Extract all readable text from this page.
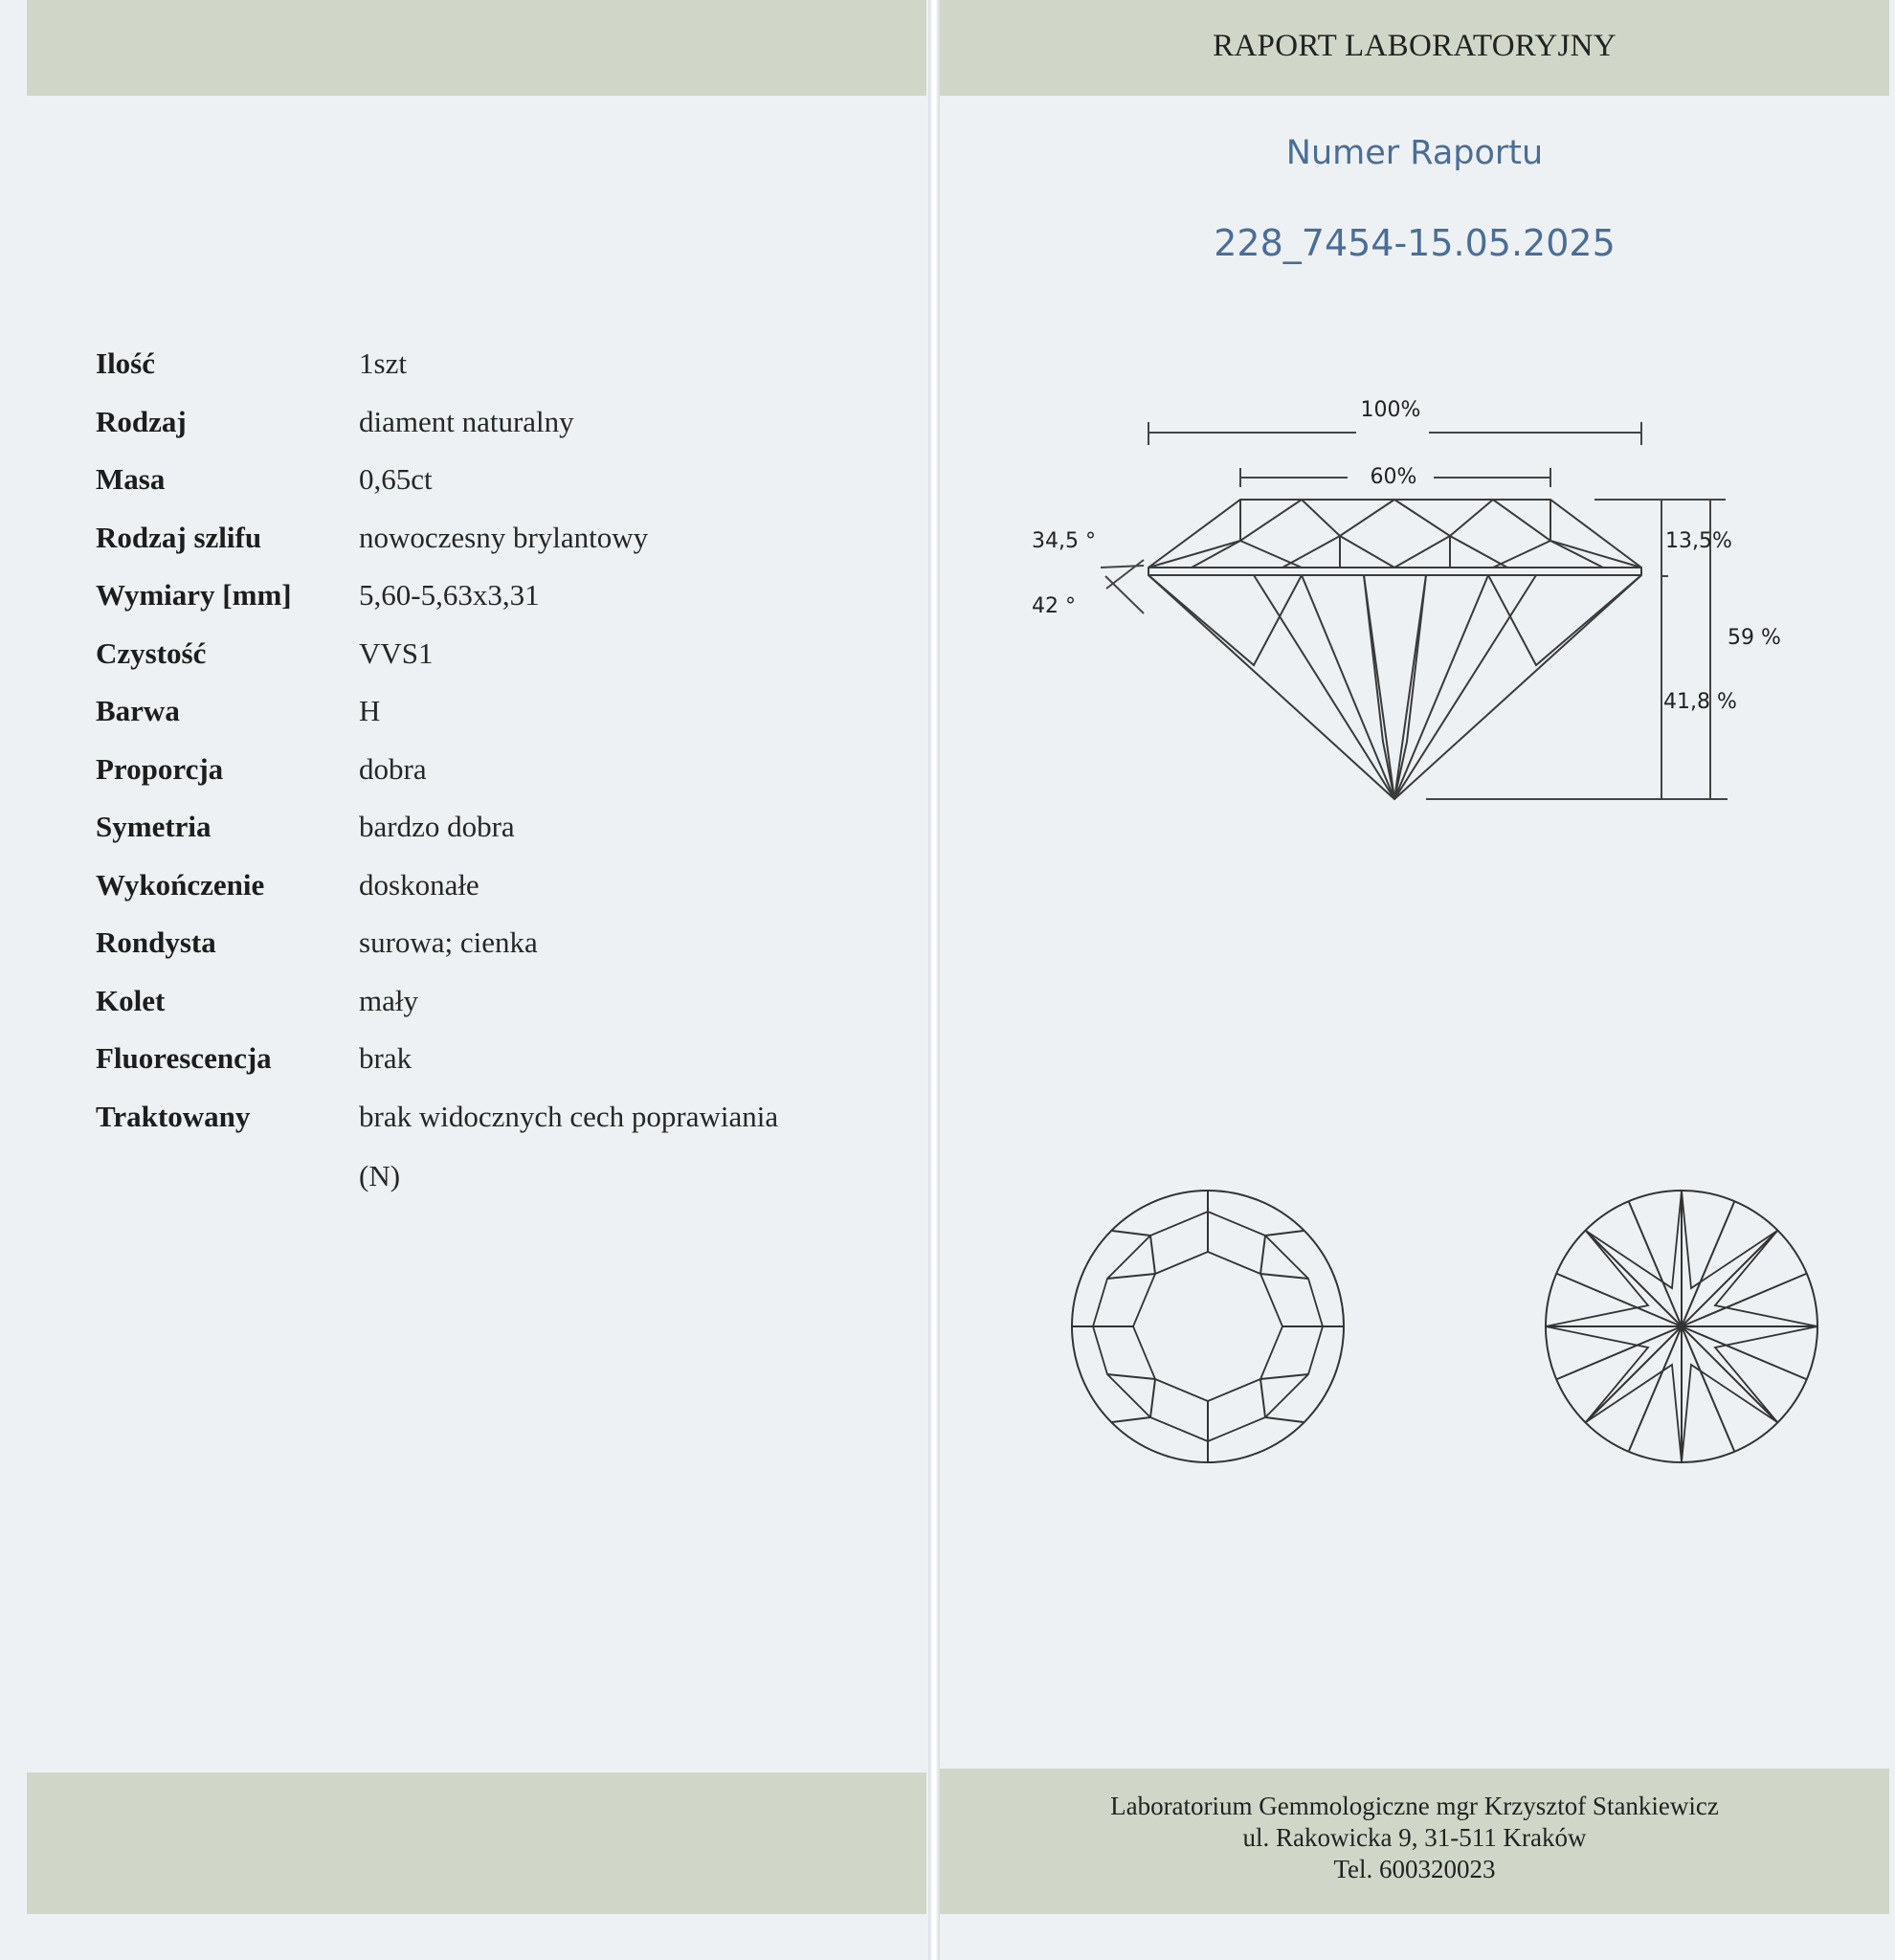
RAPORT LABORATORYJNY
Numer Raportu
228_7454-15.05.2025
Ilość	1szt
Rodzaj	diament naturalny
Masa	0,65ct
Rodzaj szlifu	nowoczesny brylantowy
Wymiary [mm] 5,60-5,63x3,31
Czystość	VVS1
Barwa	H
Proporcja	dobra
Symetria	bardzo dobra
Wykończenie	doskonałe
Rondysta	surowa; cienka
Kolet	mały
Fluorescencja	brak
Traktowany	brak widocznych cech poprawiania
(N)
100%
60%
34,5 °
42 °
13,5%
59 %
41,8 %
Laboratorium Gemmologiczne mgr Krzysztof Stankiewicz
ul. Rakowicka 9, 31-511 Kraków
Tel. 600320023
